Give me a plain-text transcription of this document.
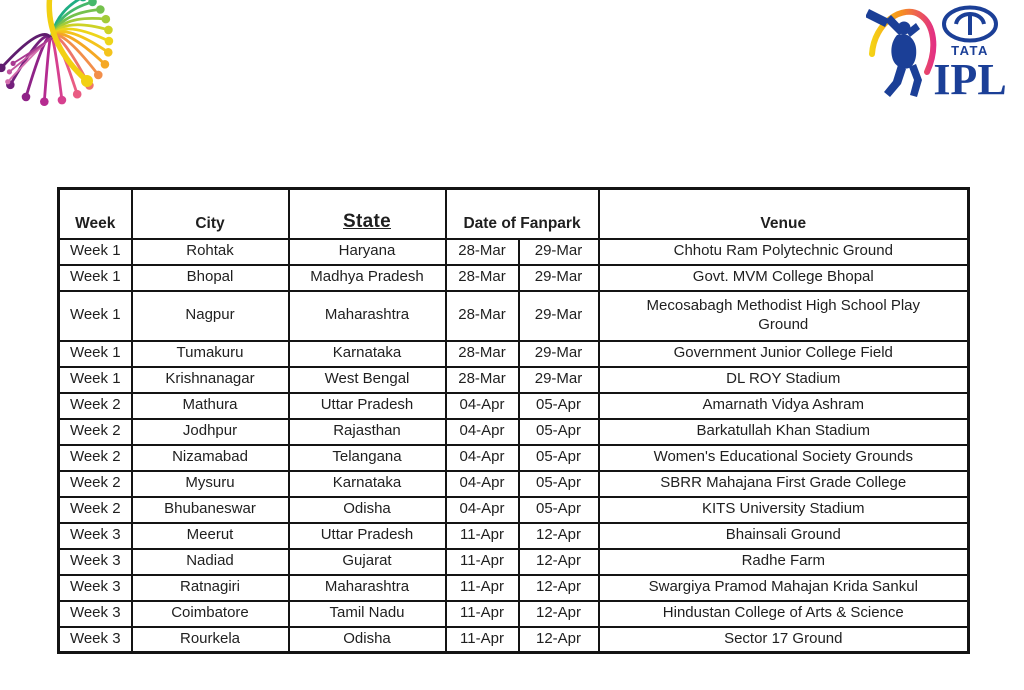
TATA
IPL
Week	City	State	Date of Fanpark		Venue
Week 1	Rohtak	Haryana	28-Mar	29-Mar	Chhotu Ram Polytechnic Ground
Week 1	Bhopal	Madhya Pradesh	28-Mar	29-Mar	Govt. MVM College Bhopal
Week 1	Nagpur	Maharashtra	28-Mar	29-Mar	Mecosabagh Methodist High School Play Ground
Week 1	Tumakuru	Karnataka	28-Mar	29-Mar	Government Junior College Field
Week 1	Krishnanagar	West Bengal	28-Mar	29-Mar	DL ROY Stadium
Week 2	Mathura	Uttar Pradesh	04-Apr	05-Apr	Amarnath Vidya Ashram
Week 2	Jodhpur	Rajasthan	04-Apr	05-Apr	Barkatullah Khan Stadium
Week 2	Nizamabad	Telangana	04-Apr	05-Apr	Women's Educational Society Grounds
Week 2	Mysuru	Karnataka	04-Apr	05-Apr	SBRR Mahajana First Grade College
Week 2	Bhubaneswar	Odisha	04-Apr	05-Apr	KITS University Stadium
Week 3	Meerut	Uttar Pradesh	11-Apr	12-Apr	Bhainsali Ground
Week 3	Nadiad	Gujarat	11-Apr	12-Apr	Radhe Farm
Week 3	Ratnagiri	Maharashtra	11-Apr	12-Apr	Swargiya Pramod Mahajan Krida Sankul
Week 3	Coimbatore	Tamil Nadu	11-Apr	12-Apr	Hindustan College of Arts & Science
Week 3	Rourkela	Odisha	11-Apr	12-Apr	Sector 17 Ground
